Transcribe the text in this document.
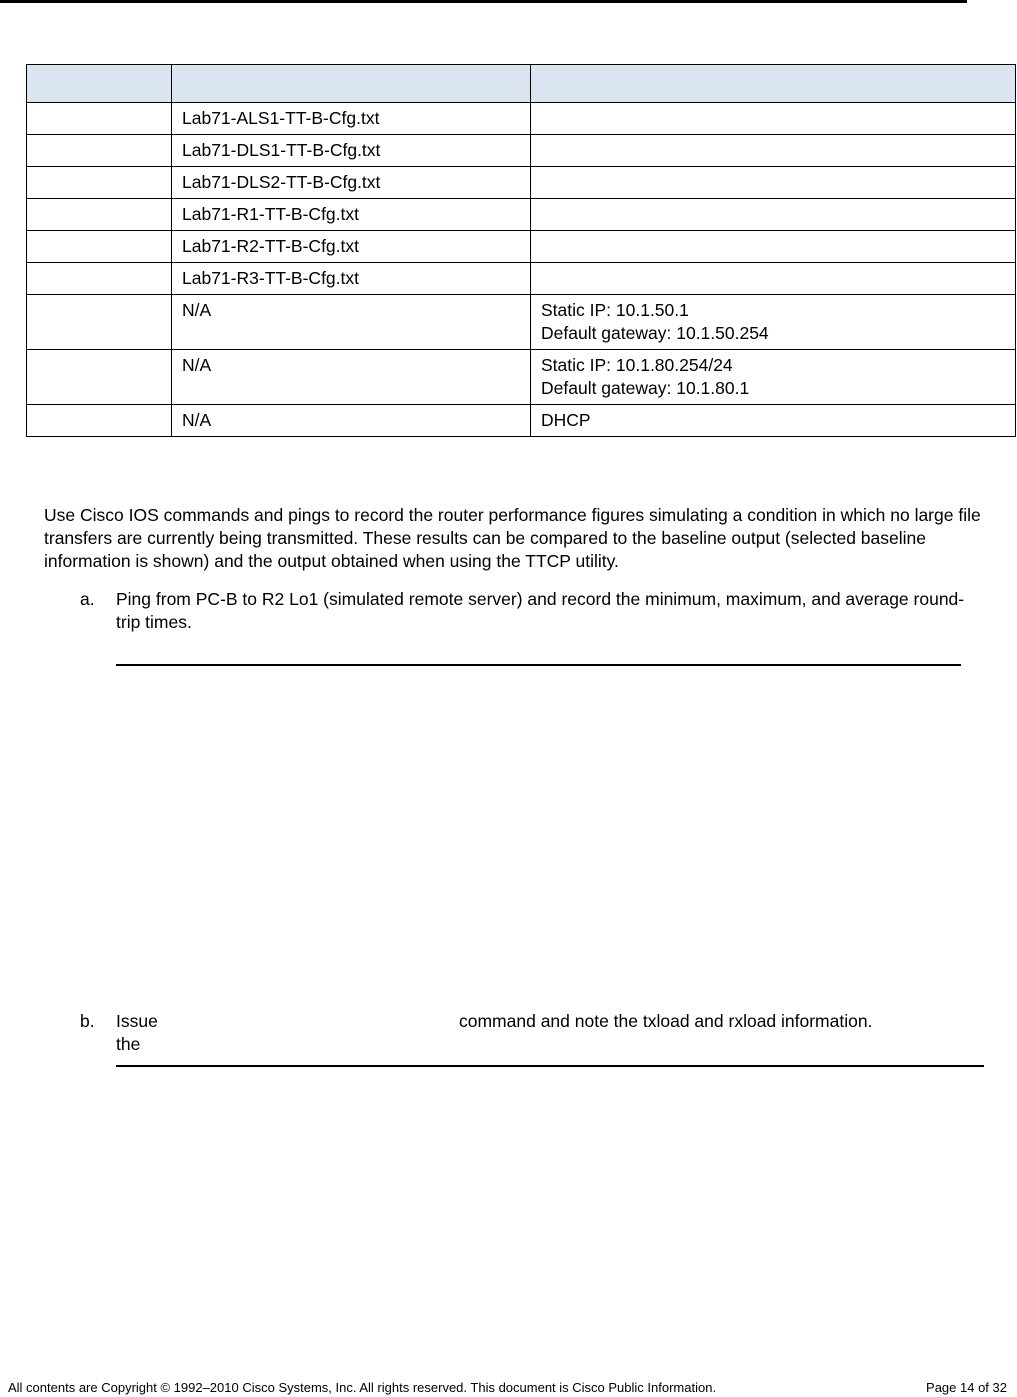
	Lab71-ALS1-TT-B-Cfg.txt	
	Lab71-DLS1-TT-B-Cfg.txt	
	Lab71-DLS2-TT-B-Cfg.txt	
	Lab71-R1-TT-B-Cfg.txt	
	Lab71-R2-TT-B-Cfg.txt	
	Lab71-R3-TT-B-Cfg.txt	
	N/A	Static IP: 10.1.50.1
Default gateway: 10.1.50.254

	N/A	Static IP: 10.1.80.254/24
Default gateway: 10.1.80.1

	N/A	DHCP

Use Cisco IOS commands and pings to record the router performance figures simulating a condition in which no large file transfers are currently being transmitted. These results can be compared to the baseline output (selected baseline information is shown) and the output obtained when using the TTCP utility.

a. Ping from PC-B to R2 Lo1 (simulated remote server) and record the minimum, maximum, and average round-trip times.
b. Issue the
command and note the txload and rxload information.
All contents are Copyright © 1992–2010 Cisco Systems, Inc. All rights reserved. This document is Cisco Public Information.	Page 14 of 32
